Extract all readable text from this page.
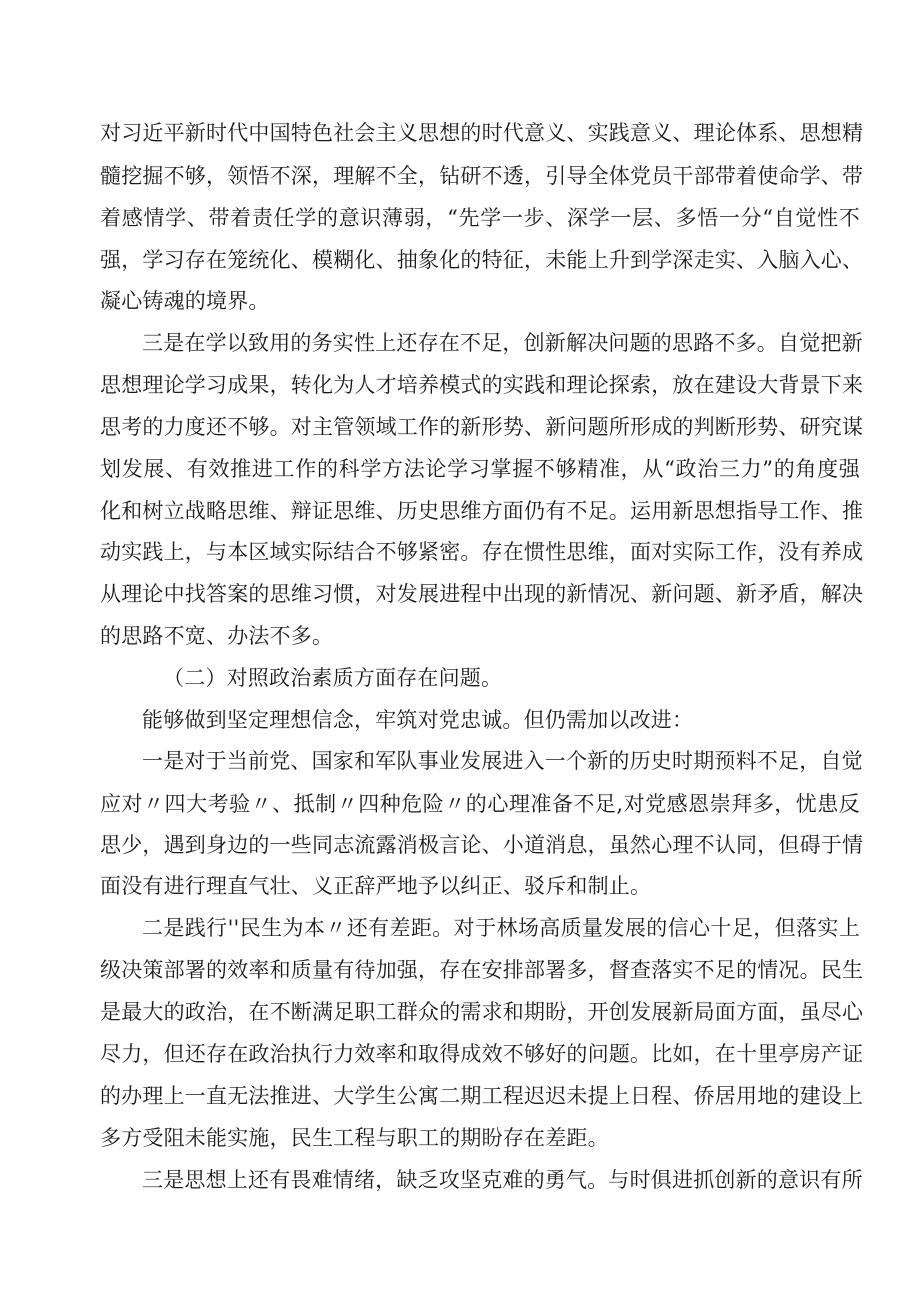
对习近平新时代中国特色社会主义思想的时代意义、实践意义、理论体系、思想精
髓挖掘不够，领悟不深，理解不全，钻研不透，引导全体党员干部带着使命学、带
着感情学、带着责任学的意识薄弱，“先学一步、深学一层、多悟一分“自觉性不
强，学习存在笼统化、模糊化、抽象化的特征，未能上升到学深走实、入脑入心、
凝心铸魂的境界。
三是在学以致用的务实性上还存在不足，创新解决问题的思路不多。自觉把新
思想理论学习成果，转化为人才培养模式的实践和理论探索，放在建设大背景下来
思考的力度还不够。对主管领域工作的新形势、新问题所形成的判断形势、研究谋
划发展、有效推进工作的科学方法论学习掌握不够精准，从“政治三力”的角度强
化和树立战略思维、辩证思维、历史思维方面仍有不足。运用新思想指导工作、推
动实践上，与本区域实际结合不够紧密。存在惯性思维，面对实际工作，没有养成
从理论中找答案的思维习惯，对发展进程中出现的新情况、新问题、新矛盾，解决
的思路不宽、办法不多。
（二）对照政治素质方面存在问题。
能够做到坚定理想信念，牢筑对党忠诚。但仍需加以改进：
一是对于当前党、国家和军队事业发展进入一个新的历史时期预料不足，自觉
应对〃四大考验〃、抵制〃四种危险〃的心理准备不足,对党感恩崇拜多，忧患反
思少，遇到身边的一些同志流露消极言论、小道消息，虽然心理不认同，但碍于情
面没有进行理直气壮、义正辞严地予以纠正、驳斥和制止。
二是践行''民生为本〃还有差距。对于林场高质量发展的信心十足，但落实上
级决策部署的效率和质量有待加强，存在安排部署多，督查落实不足的情况。民生
是最大的政治，在不断满足职工群众的需求和期盼，开创发展新局面方面，虽尽心
尽力，但还存在政治执行力效率和取得成效不够好的问题。比如，在十里亭房产证
的办理上一直无法推进、大学生公寓二期工程迟迟未提上日程、侨居用地的建设上
多方受阻未能实施，民生工程与职工的期盼存在差距。
三是思想上还有畏难情绪，缺乏攻坚克难的勇气。与时俱进抓创新的意识有所
